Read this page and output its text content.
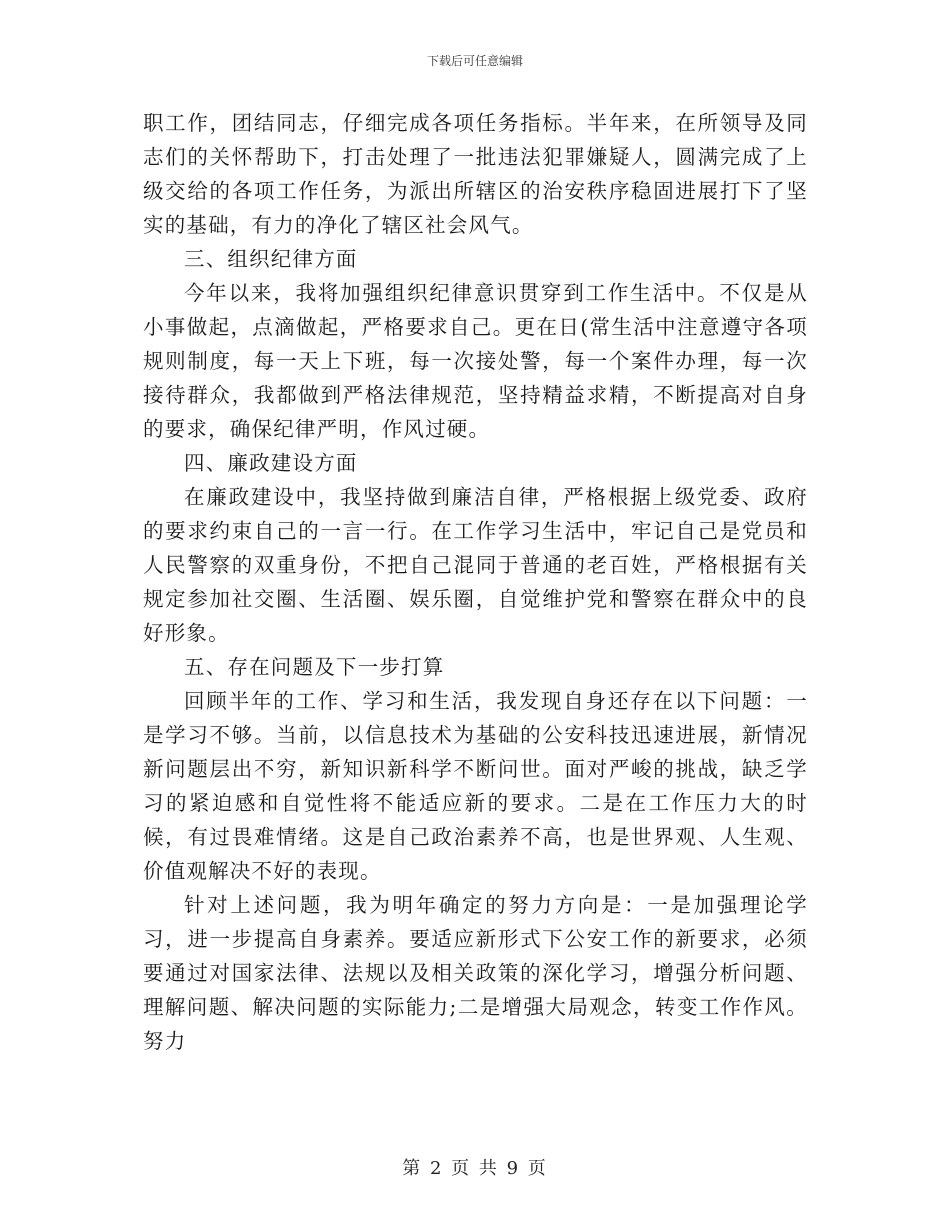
下载后可任意编辑

职工作，团结同志，仔细完成各项任务指标。半年来，在所领导及同志们的关怀帮助下，打击处理了一批违法犯罪嫌疑人，圆满完成了上级交给的各项工作任务，为派出所辖区的治安秩序稳固进展打下了坚实的基础，有力的净化了辖区社会风气。

三、组织纪律方面

今年以来，我将加强组织纪律意识贯穿到工作生活中。不仅是从小事做起，点滴做起，严格要求自己。更在日(常生活中注意遵守各项规则制度，每一天上下班，每一次接处警，每一个案件办理，每一次接待群众，我都做到严格法律规范，坚持精益求精，不断提高对自身的要求，确保纪律严明，作风过硬。

四、廉政建设方面

在廉政建设中，我坚持做到廉洁自律，严格根据上级党委、政府的要求约束自己的一言一行。在工作学习生活中，牢记自己是党员和人民警察的双重身份，不把自己混同于普通的老百姓，严格根据有关规定参加社交圈、生活圈、娱乐圈，自觉维护党和警察在群众中的良好形象。

五、存在问题及下一步打算

回顾半年的工作、学习和生活，我发现自身还存在以下问题：一是学习不够。当前，以信息技术为基础的公安科技迅速进展，新情况新问题层出不穷，新知识新科学不断问世。面对严峻的挑战，缺乏学习的紧迫感和自觉性将不能适应新的要求。二是在工作压力大的时候，有过畏难情绪。这是自己政治素养不高，也是世界观、人生观、价值观解决不好的表现。

针对上述问题，我为明年确定的努力方向是：一是加强理论学习，进一步提高自身素养。要适应新形式下公安工作的新要求，必须要通过对国家法律、法规以及相关政策的深化学习，增强分析问题、理解问题、解决问题的实际能力;二是增强大局观念，转变工作作风。努力

第 2 页 共 9 页
